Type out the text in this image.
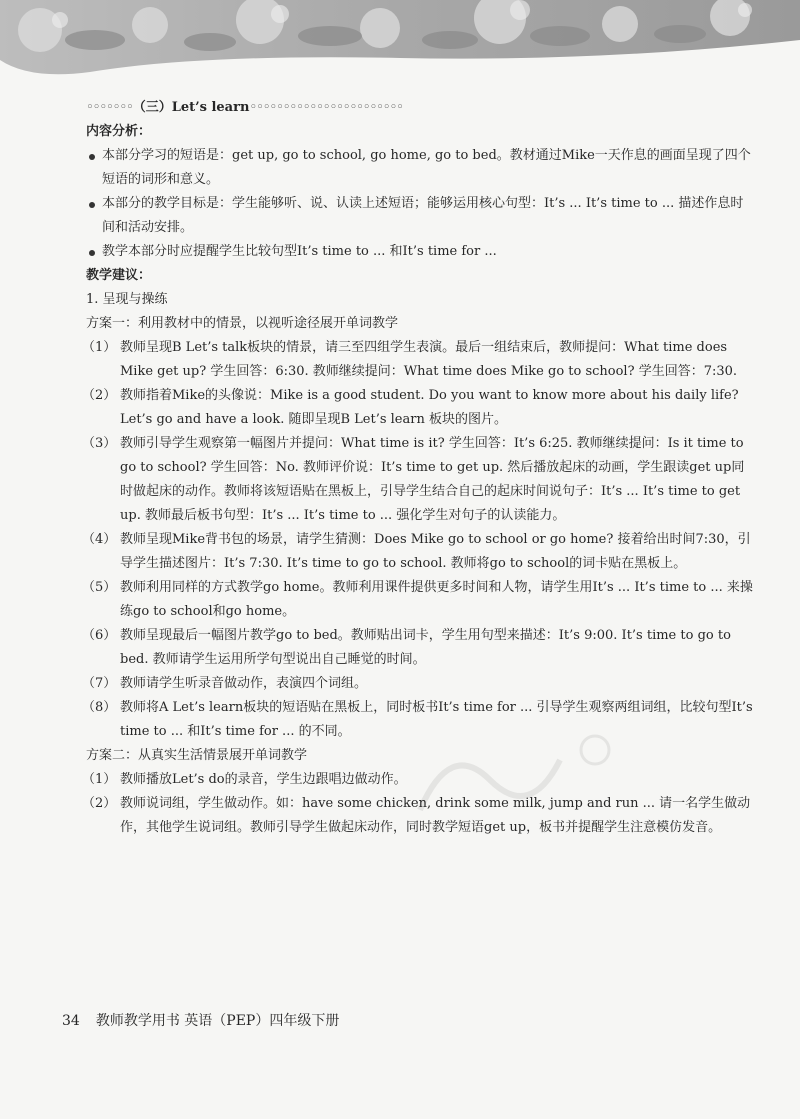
◦◦◦◦◦◦◦（三）Let’s learn◦◦◦◦◦◦◦◦◦◦◦◦◦◦◦◦◦◦◦◦◦◦◦
内容分析：
本部分学习的短语是：get up, go to school, go home, go to bed。教材通过Mike一天作息的画面呈现了四个短语的词形和意义。
本部分的教学目标是：学生能够听、说、认读上述短语；能够运用核心句型：It’s ... It’s time to ... 描述作息时间和活动安排。
教学本部分时应提醒学生比较句型It’s time to ... 和It’s time for ...
教学建议：
1. 呈现与操练
方案一：利用教材中的情景，以视听途径展开单词教学
（1） 教师呈现B Let’s talk板块的情景，请三至四组学生表演。最后一组结束后，教师提问：What time does Mike get up? 学生回答：6:30. 教师继续提问：What time does Mike go to school? 学生回答：7:30.
（2） 教师指着Mike的头像说：Mike is a good student. Do you want to know more about his daily life? Let’s go and have a look. 随即呈现B Let’s learn 板块的图片。
（3） 教师引导学生观察第一幅图片并提问：What time is it? 学生回答：It’s 6:25. 教师继续提问：Is it time to go to school? 学生回答：No. 教师评价说：It’s time to get up. 然后播放起床的动画，学生跟读get up同时做起床的动作。教师将该短语贴在黑板上，引导学生结合自己的起床时间说句子：It’s ... It’s time to get up. 教师最后板书句型：It’s ... It’s time to ... 强化学生对句子的认读能力。
（4） 教师呈现Mike背书包的场景，请学生猜测：Does Mike go to school or go home? 接着给出时间7:30，引导学生描述图片：It’s 7:30. It’s time to go to school. 教师将go to school的词卡贴在黑板上。
（5） 教师利用同样的方式教学go home。教师利用课件提供更多时间和人物，请学生用It’s ... It’s time to ... 来操练go to school和go home。
（6） 教师呈现最后一幅图片教学go to bed。教师贴出词卡，学生用句型来描述：It’s 9:00. It’s time to go to bed. 教师请学生运用所学句型说出自己睡觉的时间。
（7） 教师请学生听录音做动作，表演四个词组。
（8） 教师将A Let’s learn板块的短语贴在黑板上，同时板书It’s time for ... 引导学生观察两组词组，比较句型It’s time to ... 和It’s time for ... 的不同。
方案二：从真实生活情景展开单词教学
（1） 教师播放Let’s do的录音，学生边跟唱边做动作。
（2） 教师说词组，学生做动作。如：have some chicken, drink some milk, jump and run ... 请一名学生做动作，其他学生说词组。教师引导学生做起床动作，同时教学短语get up，板书并提醒学生注意模仿发音。
34 教师教学用书 英语（PEP）四年级下册
